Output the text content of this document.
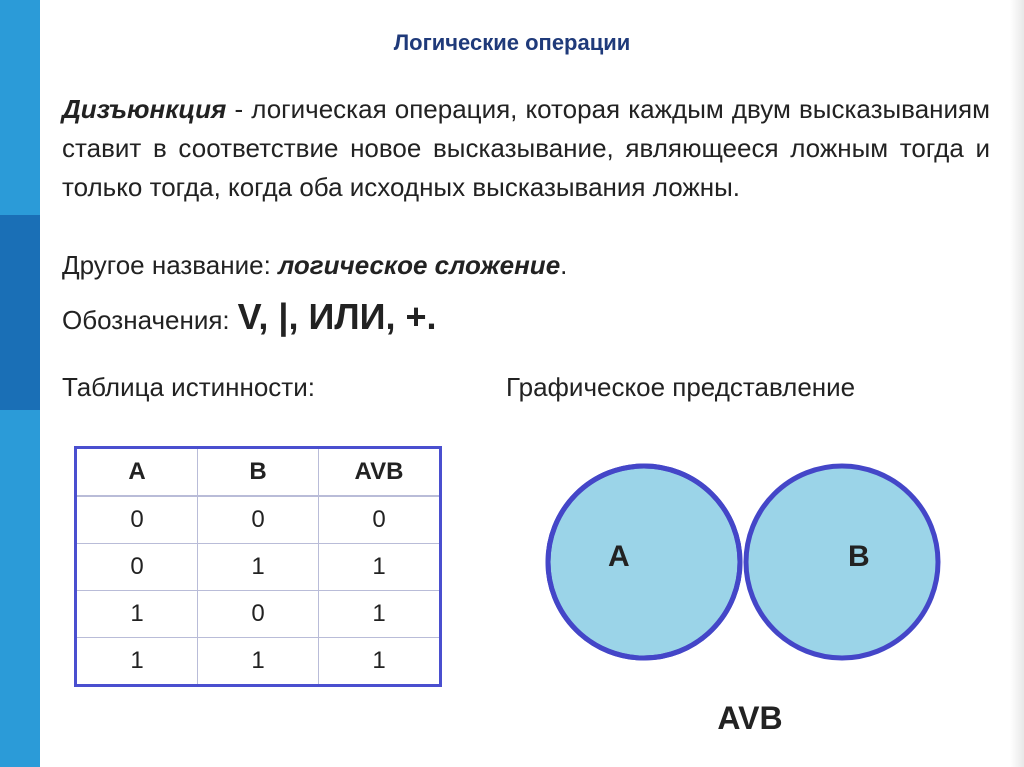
Логические операции
Дизъюнкция - логическая операция, которая каждым двум высказываниям ставит в соответствие новое высказывание, являющееся ложным тогда и только тогда, когда оба исходных высказывания ложны.
Другое название: логическое сложение.
Обозначения: V, |, ИЛИ, +.
Таблица истинности:	Графическое представление
A	B	AVB
0	0	0
0	1	1
1	0	1
1	1	1
A	B
AVB
